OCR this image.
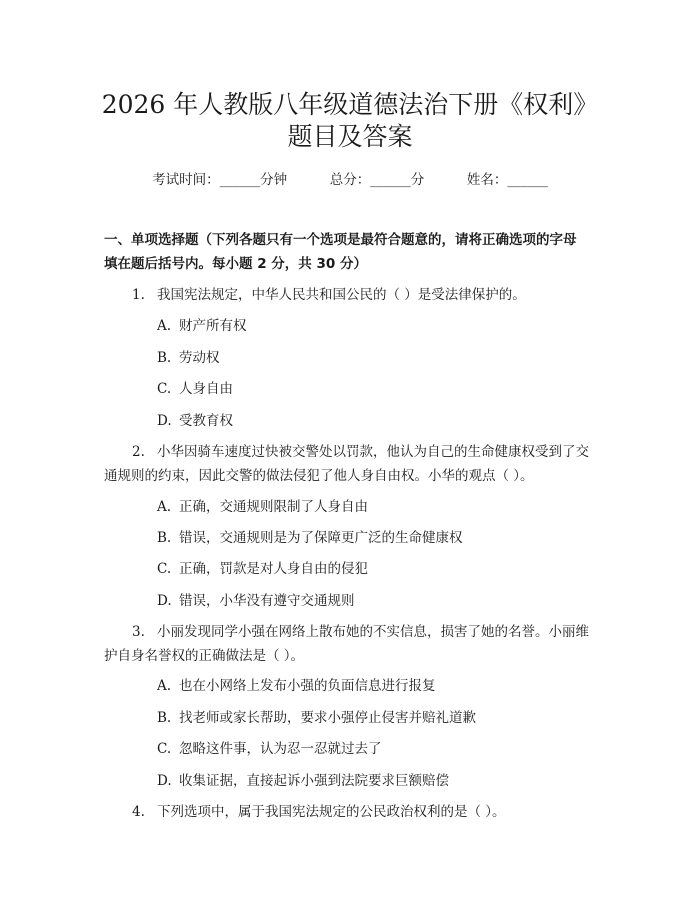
2026 年人教版八年级道德法治下册《权利》
题目及答案
考试时间：______分钟	总分：______分	姓名：______
一、单项选择题（下列各题只有一个选项是最符合题意的，请将正确选项的字母
填在题后括号内。每小题 2 分，共 30 分）
1. 我国宪法规定，中华人民共和国公民的（ ）是受法律保护的。
A. 财产所有权
B. 劳动权
C. 人身自由
D. 受教育权
2. 小华因骑车速度过快被交警处以罚款，他认为自己的生命健康权受到了交
通规则的约束，因此交警的做法侵犯了他人身自由权。小华的观点（ ）。
A. 正确，交通规则限制了人身自由
B. 错误，交通规则是为了保障更广泛的生命健康权
C. 正确，罚款是对人身自由的侵犯
D. 错误，小华没有遵守交通规则
3. 小丽发现同学小强在网络上散布她的不实信息，损害了她的名誉。小丽维
护自身名誉权的正确做法是（ ）。
A. 也在小网络上发布小强的负面信息进行报复
B. 找老师或家长帮助，要求小强停止侵害并赔礼道歉
C. 忽略这件事，认为忍一忍就过去了
D. 收集证据，直接起诉小强到法院要求巨额赔偿
4. 下列选项中，属于我国宪法规定的公民政治权利的是（ ）。
